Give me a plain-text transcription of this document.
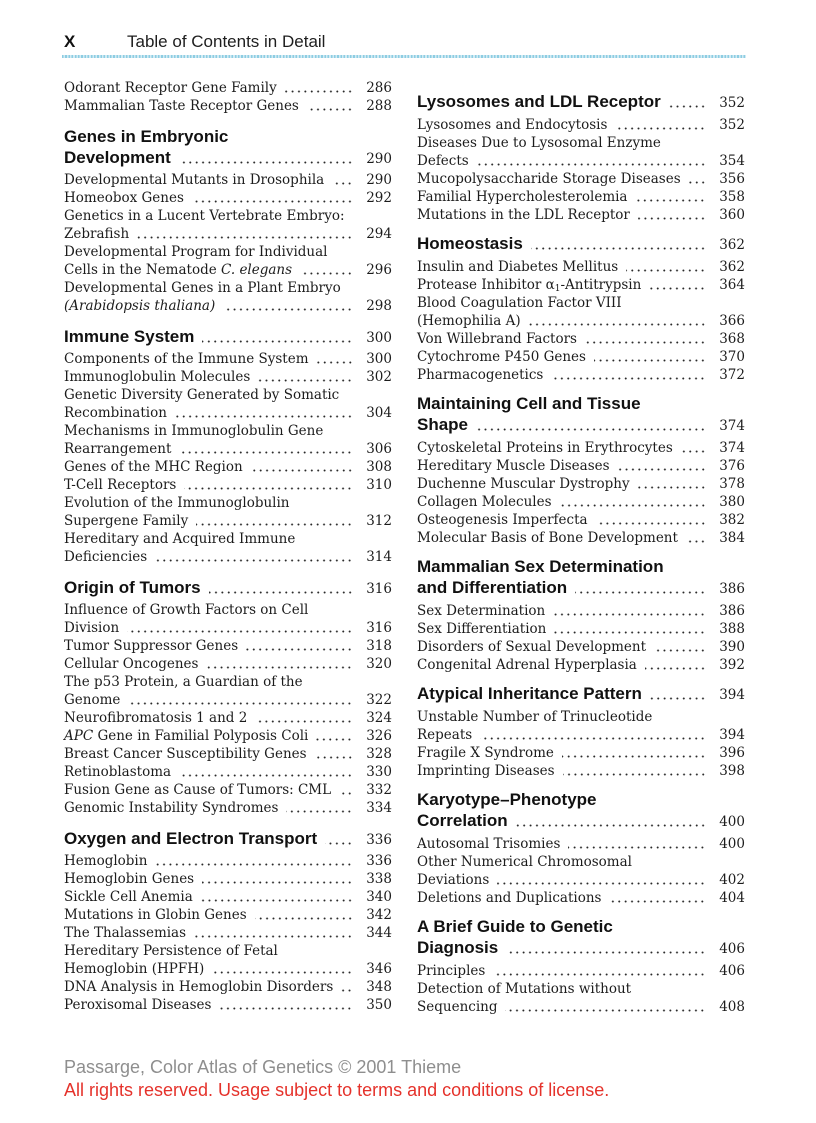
X	Table of Contents in Detail
Odorant Receptor Gene Family	286
Mammalian Taste Receptor Genes	288
Genes in Embryonic
Development	290
Developmental Mutants in Drosophila	290
Homeobox Genes	292
Genetics in a Lucent Vertebrate Embryo:
Zebrafish	294
Developmental Program for Individual
Cells in the Nematode C. elegans	296
Developmental Genes in a Plant Embryo
(Arabidopsis thaliana)	298
Immune System	300
Components of the Immune System	300
Immunoglobulin Molecules	302
Genetic Diversity Generated by Somatic
Recombination	304
Mechanisms in Immunoglobulin Gene
Rearrangement	306
Genes of the MHC Region	308
T-Cell Receptors	310
Evolution of the Immunoglobulin
Supergene Family	312
Hereditary and Acquired Immune
Deficiencies	314
Origin of Tumors	316
Influence of Growth Factors on Cell
Division	316
Tumor Suppressor Genes	318
Cellular Oncogenes	320
The p53 Protein, a Guardian of the
Genome	322
Neurofibromatosis 1 and 2	324
APC Gene in Familial Polyposis Coli	326
Breast Cancer Susceptibility Genes	328
Retinoblastoma	330
Fusion Gene as Cause of Tumors: CML	332
Genomic Instability Syndromes	334
Oxygen and Electron Transport	336
Hemoglobin	336
Hemoglobin Genes	338
Sickle Cell Anemia	340
Mutations in Globin Genes	342
The Thalassemias	344
Hereditary Persistence of Fetal
Hemoglobin (HPFH)	346
DNA Analysis in Hemoglobin Disorders 348
Peroxisomal Diseases	350
Lysosomes and LDL Receptor	352
Lysosomes and Endocytosis	352
Diseases Due to Lysosomal Enzyme
Defects	354
Mucopolysaccharide Storage Diseases	356
Familial Hypercholesterolemia	358
Mutations in the LDL Receptor	360
Homeostasis	362
Insulin and Diabetes Mellitus	362
Protease Inhibitor $\alpha_1$-Antitrypsin	364
Blood Coagulation Factor VIII
(Hemophilia A)	366
Von Willebrand Factors	368
Cytochrome P450 Genes	370
Pharmacogenetics	372
Maintaining Cell and Tissue
Shape	374
Cytoskeletal Proteins in Erythrocytes	374
Hereditary Muscle Diseases	376
Duchenne Muscular Dystrophy	378
Collagen Molecules	380
Osteogenesis Imperfecta	382
Molecular Basis of Bone Development	384
Mammalian Sex Determination
and Differentiation	386
Sex Determination	386
Sex Differentiation	388
Disorders of Sexual Development	390
Congenital Adrenal Hyperplasia	392
Atypical Inheritance Pattern	394
Unstable Number of Trinucleotide
Repeats	394
Fragile X Syndrome	396
Imprinting Diseases	398
Karyotype–Phenotype
Correlation	400
Autosomal Trisomies	400
Other Numerical Chromosomal
Deviations	402
Deletions and Duplications	404
A Brief Guide to Genetic
Diagnosis	406
Principles	406
Detection of Mutations without
Sequencing	408
Passarge, Color Atlas of Genetics © 2001 Thieme
All rights reserved. Usage subject to terms and conditions of license.
